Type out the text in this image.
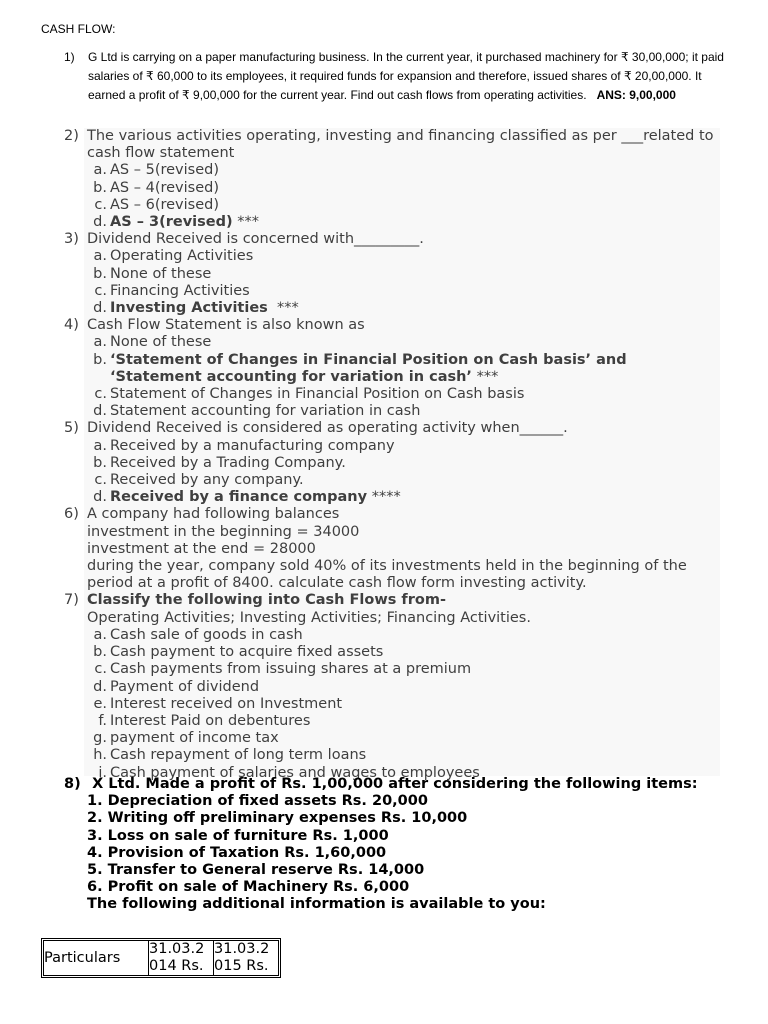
CASH FLOW:
1) G Ltd is carrying on a paper manufacturing business. In the current year, it purchased machinery for ₹ 30,00,000; it paid salaries of ₹ 60,000 to its employees, it required funds for expansion and therefore, issued shares of ₹ 20,00,000. It earned a profit of ₹ 9,00,000 for the current year. Find out cash flows from operating activities. ANS: 9,00,000
2) The various activities operating, investing and financing classified as per ___related to cash flow statement
a. AS – 5(revised)
b. AS – 4(revised)
c. AS – 6(revised)
d. AS – 3(revised) ***
3) Dividend Received is concerned with_________.
a. Operating Activities
b. None of these
c. Financing Activities
d. Investing Activities ***
4) Cash Flow Statement is also known as
a. None of these
b. ‘Statement of Changes in Financial Position on Cash basis’ and ‘Statement accounting for variation in cash’ ***
c. Statement of Changes in Financial Position on Cash basis
d. Statement accounting for variation in cash
5) Dividend Received is considered as operating activity when______.
a. Received by a manufacturing company
b. Received by a Trading Company.
c. Received by any company.
d. Received by a finance company ****
6) A company had following balances
investment in the beginning = 34000
investment at the end = 28000
during the year, company sold 40% of its investments held in the beginning of the period at a profit of 8400. calculate cash flow form investing activity.
7) Classify the following into Cash Flows from-
Operating Activities; Investing Activities; Financing Activities.
a. Cash sale of goods in cash
b. Cash payment to acquire fixed assets
c. Cash payments from issuing shares at a premium
d. Payment of dividend
e. Interest received on Investment
f. Interest Paid on debentures
g. payment of income tax
h. Cash repayment of long term loans
i. Cash payment of salaries and wages to employees
8) X Ltd. Made a profit of Rs. 1,00,000 after considering the following items:
1. Depreciation of fixed assets Rs. 20,000
2. Writing off preliminary expenses Rs. 10,000
3. Loss on sale of furniture Rs. 1,000
4. Provision of Taxation Rs. 1,60,000
5. Transfer to General reserve Rs. 14,000
6. Profit on sale of Machinery Rs. 6,000
The following additional information is available to you:
Particulars	31.03.2014 Rs.	31.03.2015 Rs.
